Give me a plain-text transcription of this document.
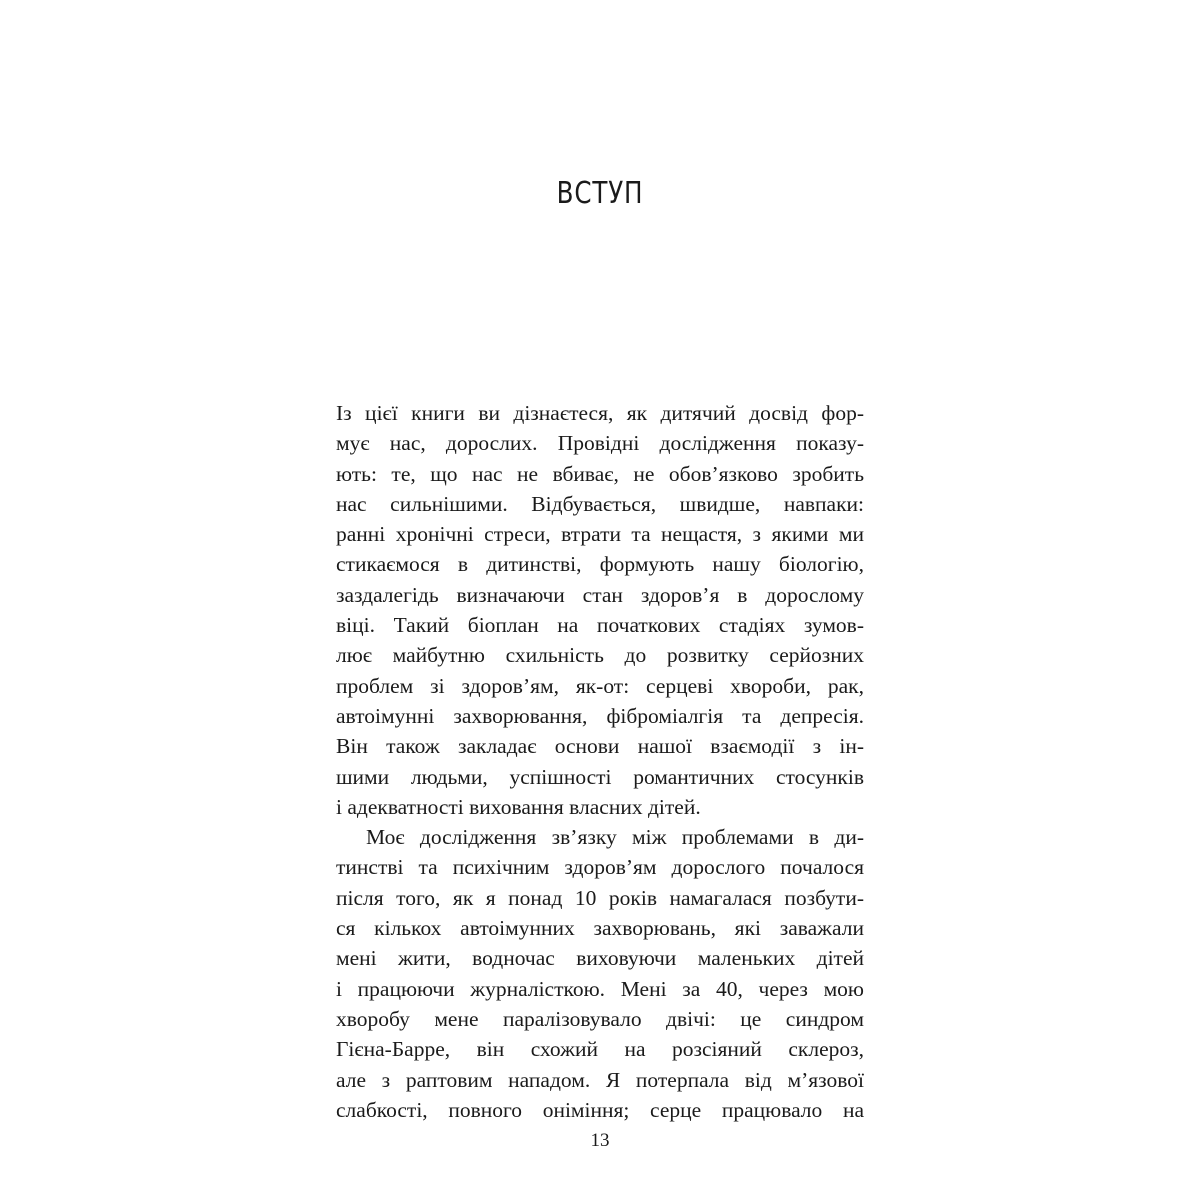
ВСТУП
Із цієї книги ви дізнаєтеся, як дитячий досвід фор-
мує нас, дорослих. Провідні дослідження показу-
ють: те, що нас не вбиває, не обов’язково зробить
нас сильнішими. Відбувається, швидше, навпаки:
ранні хронічні стреси, втрати та нещастя, з якими ми
стикаємося в дитинстві, формують нашу біологію,
заздалегідь визначаючи стан здоров’я в дорослому
віці. Такий біоплан на початкових стадіях зумов-
лює майбутню схильність до розвитку серйозних
проблем зі здоров’ям, як-от: серцеві хвороби, рак,
автоімунні захворювання, фіброміалгія та депресія.
Він також закладає основи нашої взаємодії з ін-
шими людьми, успішності романтичних стосунків
і адекватності виховання власних дітей.
Моє дослідження зв’язку між проблемами в ди-
тинстві та психічним здоров’ям дорослого почалося
після того, як я понад 10 років намагалася позбути-
ся кількох автоімунних захворювань, які заважали
мені жити, водночас виховуючи маленьких дітей
і працюючи журналісткою. Мені за 40, через мою
хворобу мене паралізовувало двічі: це синдром
Гієна-Барре, він схожий на розсіяний склероз,
але з раптовим нападом. Я потерпала від м’язової
слабкості, повного оніміння; серце працювало на
13
